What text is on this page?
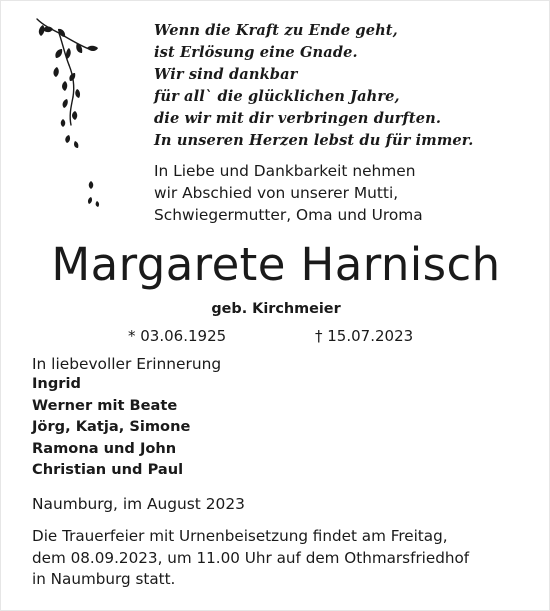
Wenn die Kraft zu Ende geht,
ist Erlösung eine Gnade.
Wir sind dankbar
für all` die glücklichen Jahre,
die wir mit dir verbringen durften.
In unseren Herzen lebst du für immer.
In Liebe und Dankbarkeit nehmen
wir Abschied von unserer Mutti,
Schwiegermutter, Oma und Uroma
Margarete Harnisch
geb. Kirchmeier
* 03.06.1925	† 15.07.2023
In liebevoller Erinnerung
Ingrid
Werner mit Beate
Jörg, Katja, Simone
Ramona und John
Christian und Paul
Naumburg, im August 2023
Die Trauerfeier mit Urnenbeisetzung findet am Freitag,
dem 08.09.2023, um 11.00 Uhr auf dem Othmarsfriedhof
in Naumburg statt.
